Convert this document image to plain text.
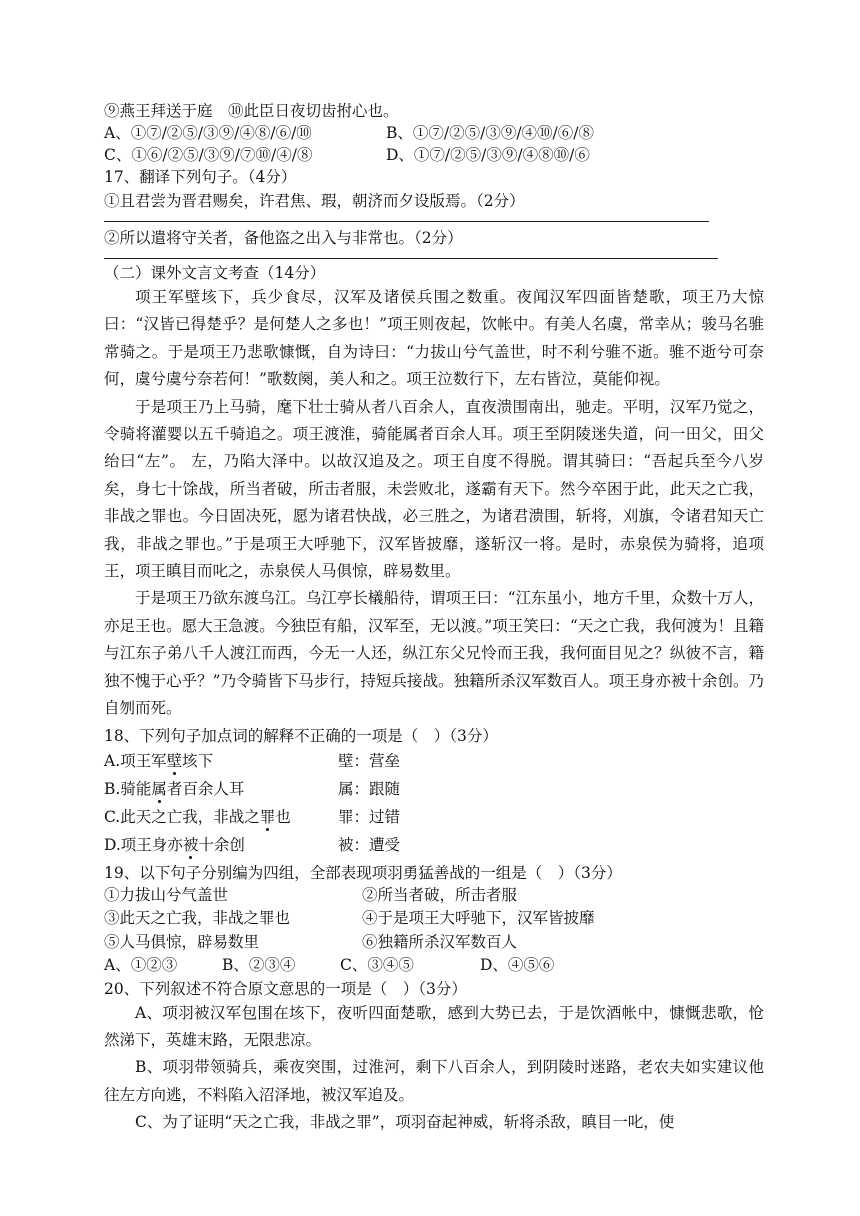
⑨燕王拜送于庭　⑩此臣日夜切齿拊心也。
A、①⑦/②⑤/③⑨/④⑧/⑥/⑩	B、①⑦/②⑤/③⑨/④⑩/⑥/⑧
C、①⑥/②⑤/③⑨/⑦⑩/④/⑧	D、①⑦/②⑤/③⑨/④⑧⑩/⑥
17、翻译下列句子。（4分）
①且君尝为晋君赐矣，许君焦、瑕，朝济而夕设版焉。（2分）
②所以遣将守关者，备他盗之出入与非常也。（2分）
（二）课外文言文考查（14分）

项王军壁垓下，兵少食尽，汉军及诸侯兵围之数重。夜闻汉军四面皆楚歌，项王乃大惊曰：“汉皆已得楚乎？是何楚人之多也！”项王则夜起，饮帐中。有美人名虞，常幸从；骏马名骓常骑之。于是项王乃悲歌慷慨，自为诗曰：“力拔山兮气盖世，时不利兮骓不逝。骓不逝兮可奈何，虞兮虞兮奈若何！”歌数阕，美人和之。项王泣数行下，左右皆泣，莫能仰视。

于是项王乃上马骑，麾下壮士骑从者八百余人，直夜溃围南出，驰走。平明，汉军乃觉之，令骑将灌婴以五千骑追之。项王渡淮，骑能属者百余人耳。项王至阴陵迷失道，问一田父，田父绐曰“左”。 左，乃陷大泽中。以故汉追及之。项王自度不得脱。谓其骑曰：“吾起兵至今八岁矣，身七十馀战，所当者破，所击者服，未尝败北，遂霸有天下。然今卒困于此，此天之亡我，非战之罪也。今日固决死，愿为诸君快战，必三胜之，为诸君溃围，斩将，刈旗，令诸君知天亡我，非战之罪也。”于是项王大呼驰下，汉军皆披靡，遂斩汉一将。是时，赤泉侯为骑将，追项王，项王瞋目而叱之，赤泉侯人马俱惊，辟易数里。

于是项王乃欲东渡乌江。乌江亭长檥船待，谓项王曰：“江东虽小，地方千里，众数十万人，亦足王也。愿大王急渡。今独臣有船，汉军至，无以渡。”项王笑曰：“天之亡我，我何渡为！且籍与江东子弟八千人渡江而西，今无一人还，纵江东父兄怜而王我，我何面目见之？纵彼不言，籍独不愧于心乎？”乃令骑皆下马步行，持短兵接战。独籍所杀汉军数百人。项王身亦被十余创。乃自刎而死。

18、下列句子加点词的解释不正确的一项是（　）（3分）
A.项王军壁垓下	壁：营垒
B.骑能属者百余人耳	属：跟随
C.此天之亡我，非战之罪也	罪：过错
D.项王身亦被十余创	被：遭受
19、以下句子分别编为四组，全部表现项羽勇猛善战的一组是（　）（3分）
①力拔山兮气盖世	②所当者破，所击者服
③此天之亡我，非战之罪也	④于是项王大呼驰下，汉军皆披靡
⑤人马俱惊，辟易数里	⑥独籍所杀汉军数百人
A、①②③	B、②③④	C、③④⑤	D、④⑤⑥
20、下列叙述不符合原文意思的一项是（　）（3分）

A、项羽被汉军包围在垓下，夜听四面楚歌，感到大势已去，于是饮酒帐中，慷慨悲歌，怆然涕下，英雄末路，无限悲凉。

B、项羽带领骑兵，乘夜突围，过淮河，剩下八百余人，到阴陵时迷路，老农夫如实建议他往左方向逃，不料陷入沼泽地，被汉军追及。

C、为了证明“天之亡我，非战之罪”，项羽奋起神威，斩将杀敌，瞋目一叱，使
